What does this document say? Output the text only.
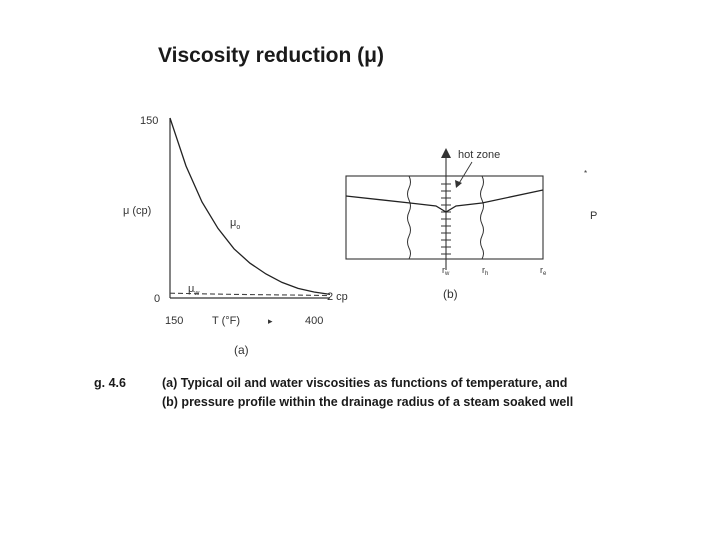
Viscosity reduction (μ)
150
0
μ (cp)
150	T (°F)	▸	400
$\mu_o$
$\mu_w$	2 cp
(a)
hot zone
$r_w$	$r_h$	$r_e$
P
*
(b)
g. 4.6	(a) Typical oil and water viscosities as functions of temperature, and
(b) pressure profile within the drainage radius of a steam soaked well
